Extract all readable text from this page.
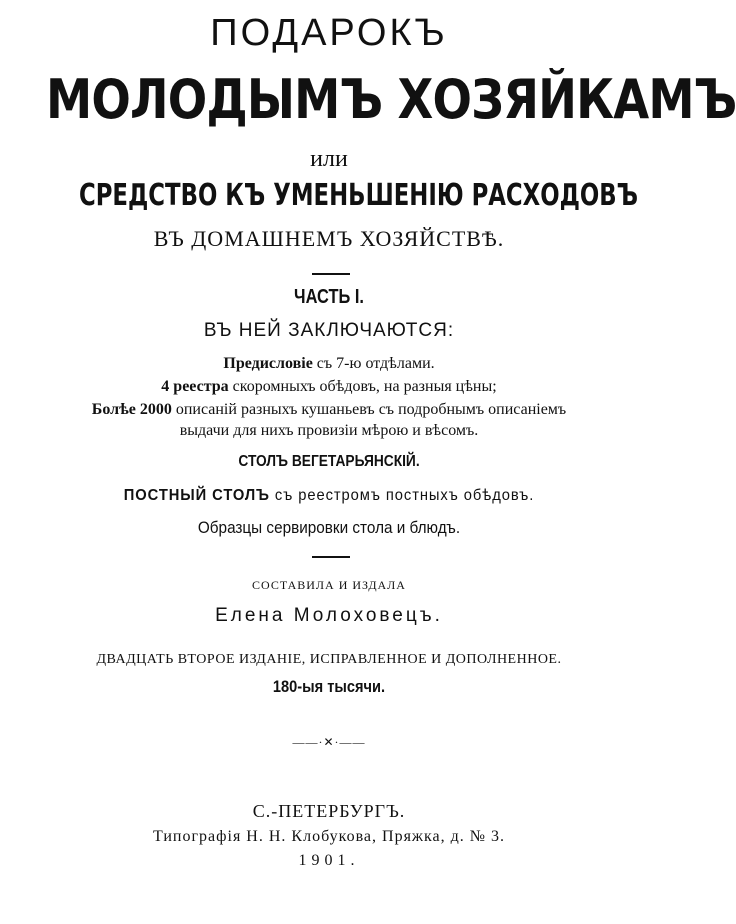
ПОДАРОКЪ
МОЛОДЫМЪ ХОЗЯЙКАМЪ
или
СРЕДСТВО КЪ УМЕНЬШЕНІЮ РАСХОДОВЪ
ВЪ ДОМАШНЕМЪ ХОЗЯЙСТВѢ.
ЧАСТЬ I.
ВЪ НЕЙ ЗАКЛЮЧАЮТСЯ:
Предисловіе съ 7-ю отдѣлами.
4 реестра скоромныхъ обѣдовъ, на разныя цѣны;
Болѣе 2000 описаній разныхъ кушаньевъ съ подробнымъ описаніемъ
выдачи для нихъ провизіи мѣрою и вѣсомъ.
СТОЛЪ ВЕГЕТАРЬЯНСКІЙ.
ПОСТНЫЙ СТОЛЪ съ реестромъ постныхъ обѣдовъ.
Образцы сервировки стола и блюдъ.
СОСТАВИЛА И ИЗДАЛА
Елена Молоховецъ.
ДВАДЦАТЬ ВТОРОЕ ИЗДАНІЕ, ИСПРАВЛЕННОЕ И ДОПОЛНЕННОЕ.
180-ыя тысячи.
——·✕·——
С.-ПЕТЕРБУРГЪ.
Типографія Н. Н. Клобукова, Пряжка, д. № 3.
1901.
